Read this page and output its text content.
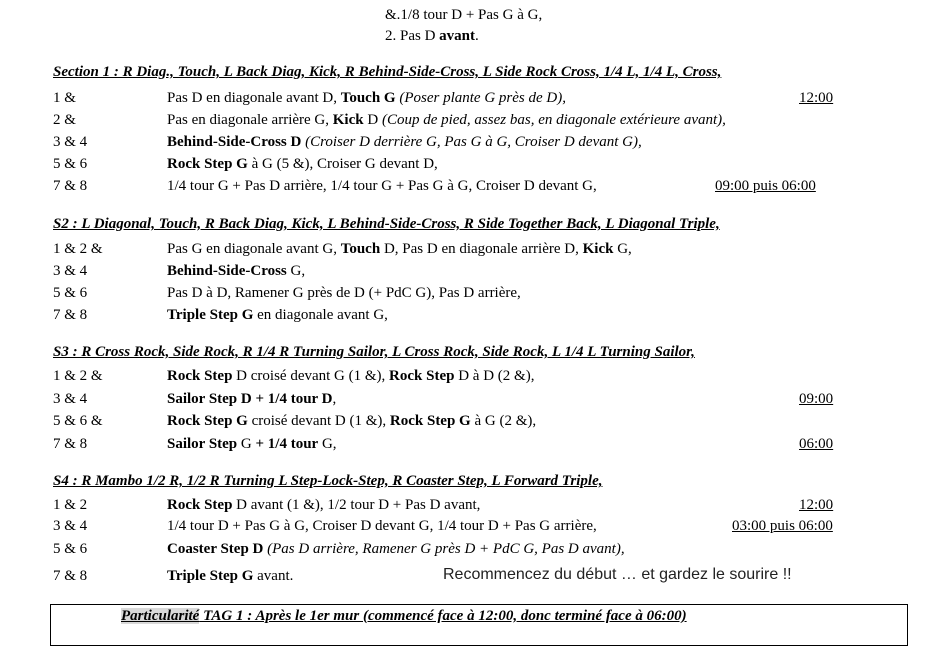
&.1/8 tour D + Pas G à G,
2. Pas D avant.
Section 1 : R Diag., Touch, L Back Diag, Kick, R Behind-Side-Cross, L Side Rock Cross, 1/4 L, 1/4 L, Cross,
1 &	Pas D en diagonale avant D, Touch G (Poser plante G près de D),	12:00
2 &	Pas en diagonale arrière G, Kick D (Coup de pied, assez bas, en diagonale extérieure avant),
3 & 4	Behind-Side-Cross D (Croiser D derrière G, Pas G à G, Croiser D devant G),
5 & 6	Rock Step G à G (5 &), Croiser G devant D,
7 & 8	1/4 tour G + Pas D arrière, 1/4 tour G + Pas G à G, Croiser D devant G,	09:00 puis 06:00
S2 : L Diagonal, Touch, R Back Diag, Kick, L Behind-Side-Cross, R Side Together Back, L Diagonal Triple,
1 & 2 &	Pas G en diagonale avant G, Touch D, Pas D en diagonale arrière D, Kick G,
3 & 4	Behind-Side-Cross G,
5 & 6	Pas D à D, Ramener G près de D (+ PdC G), Pas D arrière,
7 & 8	Triple Step G en diagonale avant G,
S3 : R Cross Rock, Side Rock, R 1/4 R Turning Sailor, L Cross Rock, Side Rock, L 1/4 L Turning Sailor,
1 & 2 &	Rock Step D croisé devant G (1 &), Rock Step D à D (2 &),
3 & 4	Sailor Step D + 1/4 tour D,	09:00
5 & 6 &	Rock Step G croisé devant D (1 &), Rock Step G à G (2 &),
7 & 8	Sailor Step G + 1/4 tour G,	06:00
S4 : R Mambo 1/2 R, 1/2 R Turning L Step-Lock-Step, R Coaster Step, L Forward Triple,
1 & 2	Rock Step D avant (1 &), 1/2 tour D + Pas D avant,	12:00
3 & 4	1/4 tour D + Pas G à G, Croiser D devant G, 1/4 tour D + Pas G arrière,	03:00 puis 06:00
5 & 6	Coaster Step D (Pas D arrière, Ramener G près D + PdC G, Pas D avant),
7 & 8	Triple Step G avant.	Recommencez du début … et gardez le sourire !!
Particularité TAG 1 : Après le 1er mur (commencé face à 12:00, donc terminé face à 06:00)
